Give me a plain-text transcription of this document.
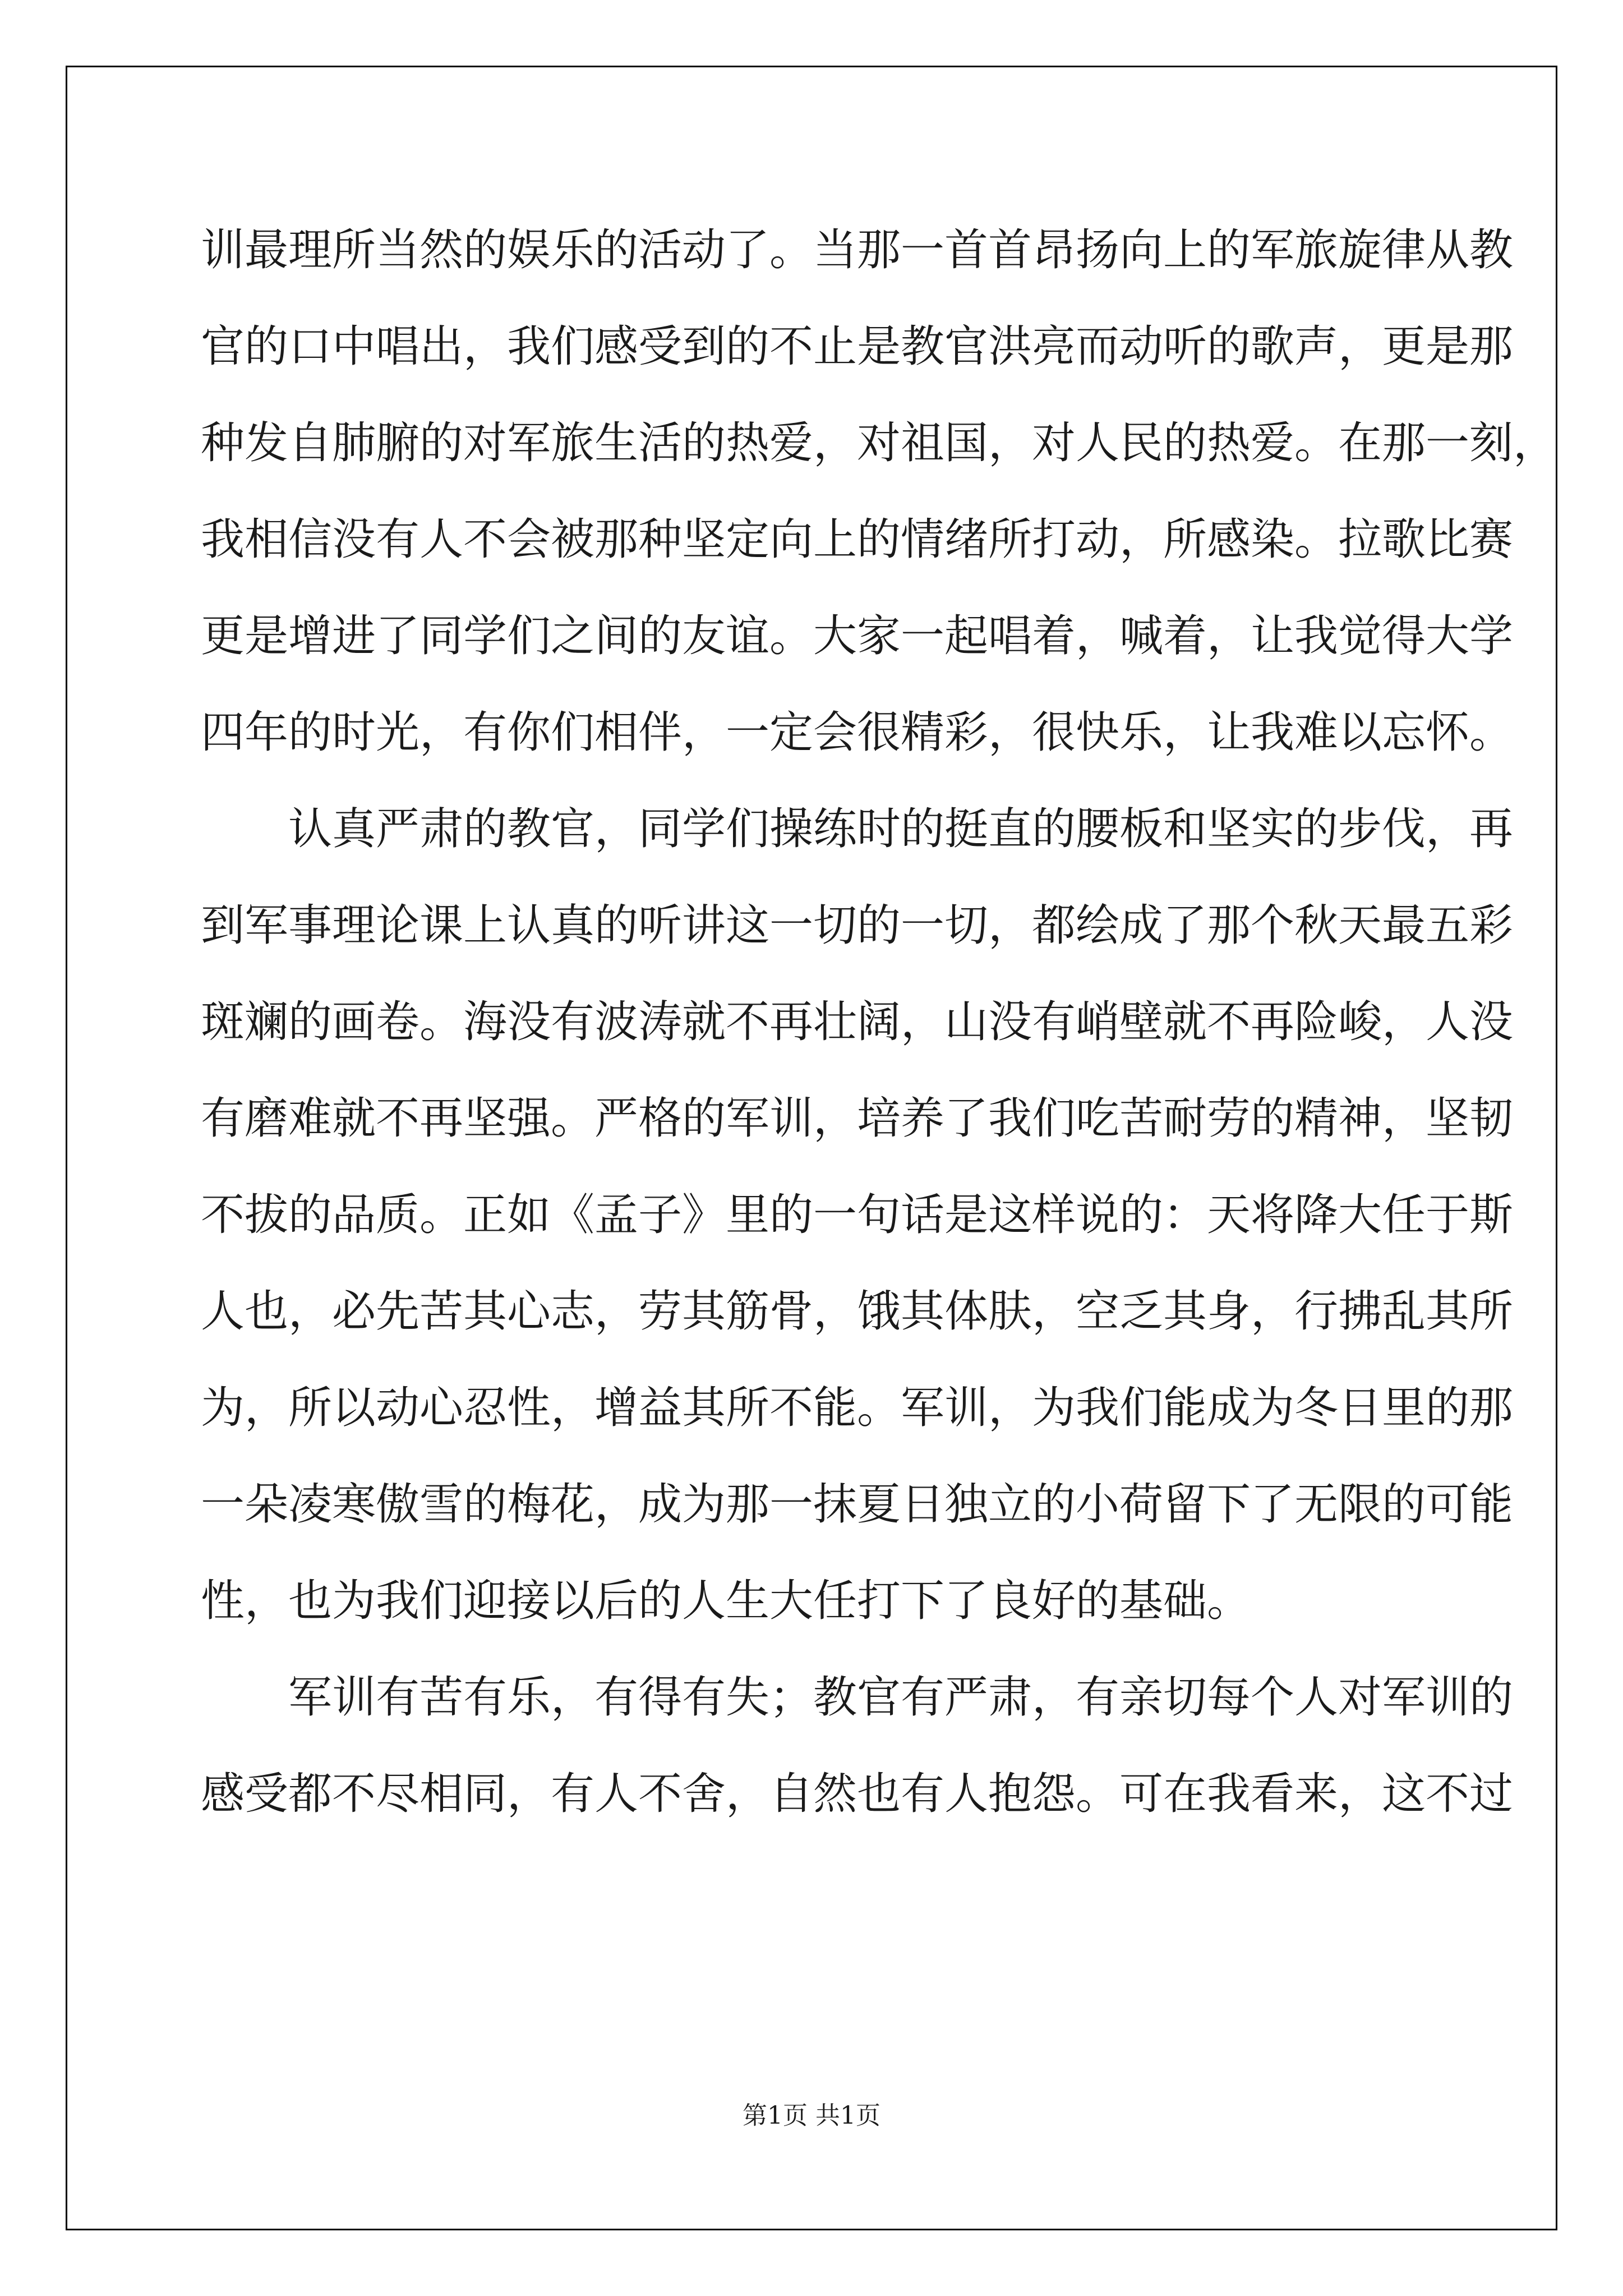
训最理所当然的娱乐的活动了。当那一首首昂扬向上的军旅旋律从教
官的口中唱出，我们感受到的不止是教官洪亮而动听的歌声，更是那
种发自肺腑的对军旅生活的热爱，对祖国，对人民的热爱。在那一刻，
我相信没有人不会被那种坚定向上的情绪所打动，所感染。拉歌比赛
更是增进了同学们之间的友谊。大家一起唱着，喊着，让我觉得大学
四年的时光，有你们相伴，一定会很精彩，很快乐，让我难以忘怀。
认真严肃的教官，同学们操练时的挺直的腰板和坚实的步伐，再
到军事理论课上认真的听讲这一切的一切，都绘成了那个秋天最五彩
斑斓的画卷。海没有波涛就不再壮阔，山没有峭壁就不再险峻，人没
有磨难就不再坚强。严格的军训，培养了我们吃苦耐劳的精神，坚韧
不拔的品质。正如《孟子》里的一句话是这样说的：天将降大任于斯
人也，必先苦其心志，劳其筋骨，饿其体肤，空乏其身，行拂乱其所
为，所以动心忍性，增益其所不能。军训，为我们能成为冬日里的那
一朵凌寒傲雪的梅花，成为那一抹夏日独立的小荷留下了无限的可能
性，也为我们迎接以后的人生大任打下了良好的基础。
军训有苦有乐，有得有失；教官有严肃，有亲切每个人对军训的
感受都不尽相同，有人不舍，自然也有人抱怨。可在我看来，这不过
第1页 共1页
